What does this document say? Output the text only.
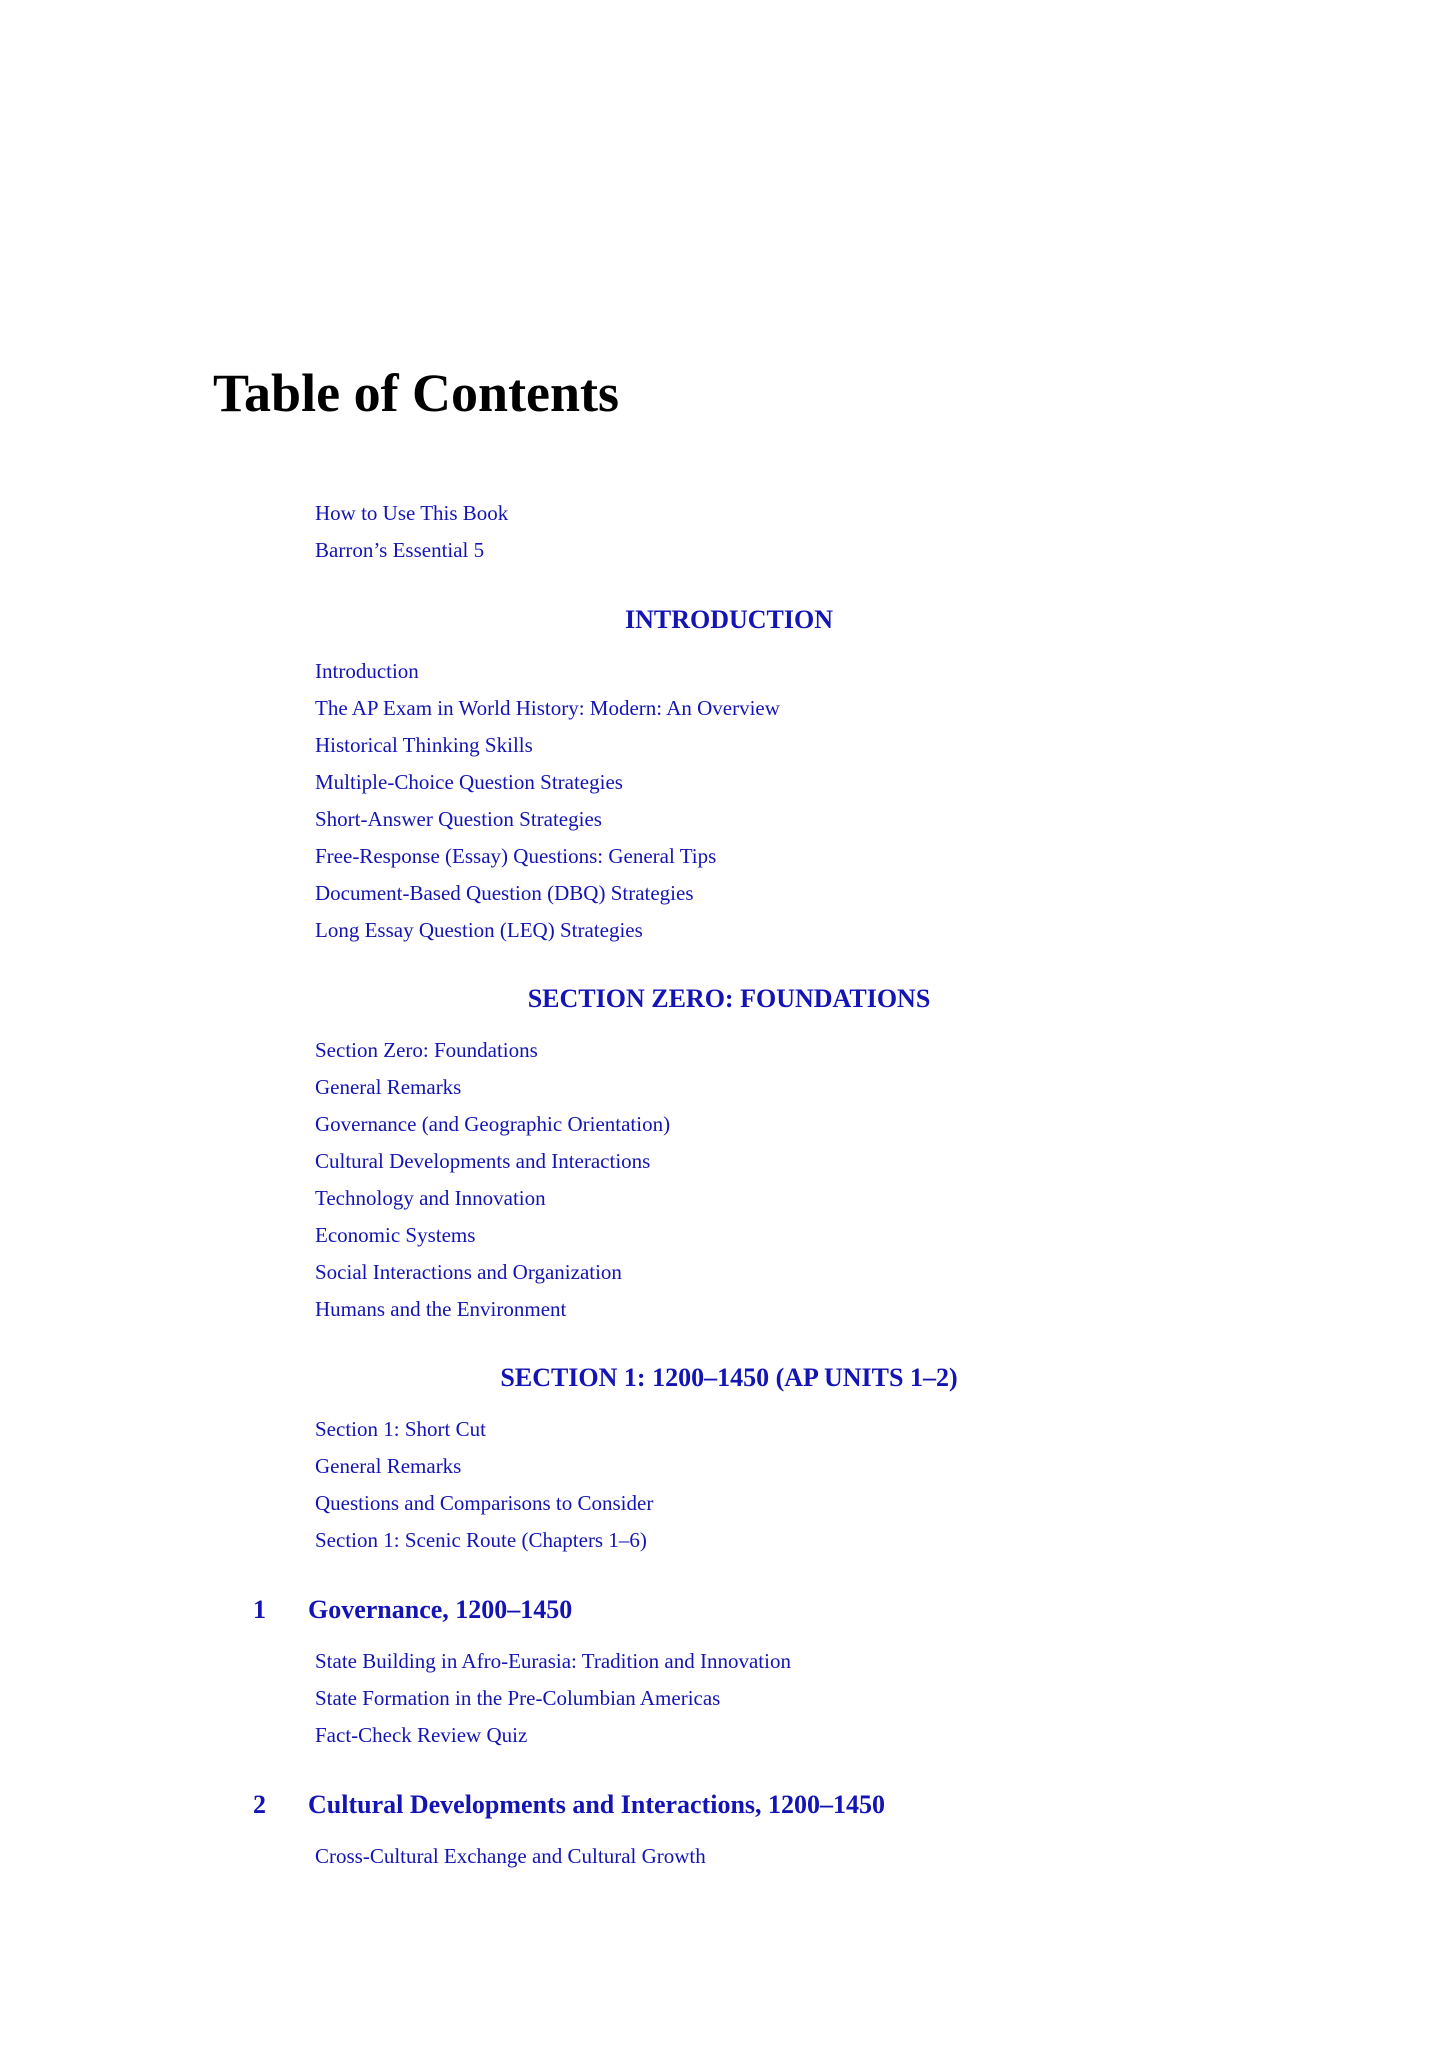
Table of Contents
How to Use This Book
Barron’s Essential 5
INTRODUCTION
Introduction
The AP Exam in World History: Modern: An Overview
Historical Thinking Skills
Multiple-Choice Question Strategies
Short-Answer Question Strategies
Free-Response (Essay) Questions: General Tips
Document-Based Question (DBQ) Strategies
Long Essay Question (LEQ) Strategies
SECTION ZERO: FOUNDATIONS
Section Zero: Foundations
General Remarks
Governance (and Geographic Orientation)
Cultural Developments and Interactions
Technology and Innovation
Economic Systems
Social Interactions and Organization
Humans and the Environment
SECTION 1: 1200–1450 (AP UNITS 1–2)
Section 1: Short Cut
General Remarks
Questions and Comparisons to Consider
Section 1: Scenic Route (Chapters 1–6)
1 Governance, 1200–1450
State Building in Afro-Eurasia: Tradition and Innovation
State Formation in the Pre-Columbian Americas
Fact-Check Review Quiz
2 Cultural Developments and Interactions, 1200–1450
Cross-Cultural Exchange and Cultural Growth
